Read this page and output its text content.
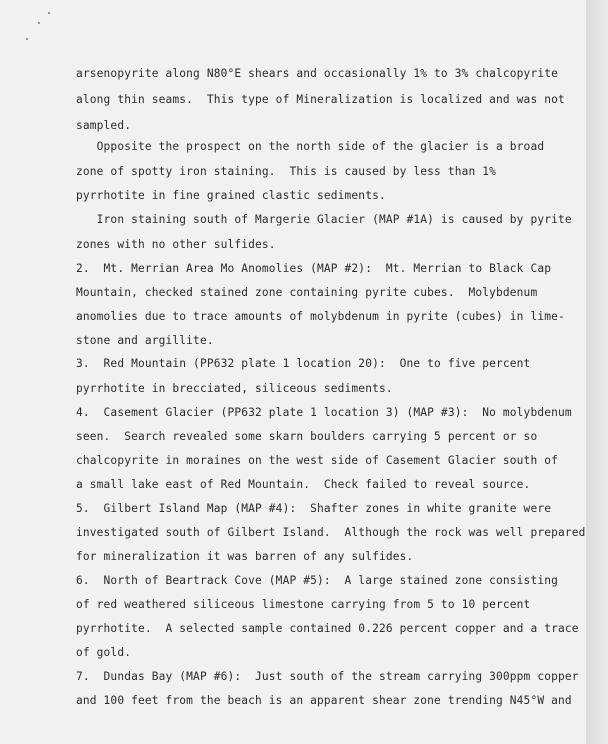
arsenopyrite along N80°E shears and occasionally 1% to 3% chalcopyrite
along thin seams.  This type of Mineralization is localized and was not
sampled.
Opposite the prospect on the north side of the glacier is a broad
zone of spotty iron staining.  This is caused by less than 1%
pyrrhotite in fine grained clastic sediments.
Iron staining south of Margerie Glacier (MAP #1A) is caused by pyrite
zones with no other sulfides.
2.  Mt. Merrian Area Mo Anomolies (MAP #2):  Mt. Merrian to Black Cap
Mountain, checked stained zone containing pyrite cubes.  Molybdenum
anomolies due to trace amounts of molybdenum in pyrite (cubes) in lime-
stone and argillite.
3.  Red Mountain (PP632 plate 1 location 20):  One to five percent
pyrrhotite in brecciated, siliceous sediments.
4.  Casement Glacier (PP632 plate 1 location 3) (MAP #3):  No molybdenum
seen.  Search revealed some skarn boulders carrying 5 percent or so
chalcopyrite in moraines on the west side of Casement Glacier south of
a small lake east of Red Mountain.  Check failed to reveal source.
5.  Gilbert Island Map (MAP #4):  Shafter zones in white granite were
investigated south of Gilbert Island.  Although the rock was well prepared
for mineralization it was barren of any sulfides.
6.  North of Beartrack Cove (MAP #5):  A large stained zone consisting
of red weathered siliceous limestone carrying from 5 to 10 percent
pyrrhotite.  A selected sample contained 0.226 percent copper and a trace
of gold.
7.  Dundas Bay (MAP #6):  Just south of the stream carrying 300ppm copper
and 100 feet from the beach is an apparent shear zone trending N45°W and
